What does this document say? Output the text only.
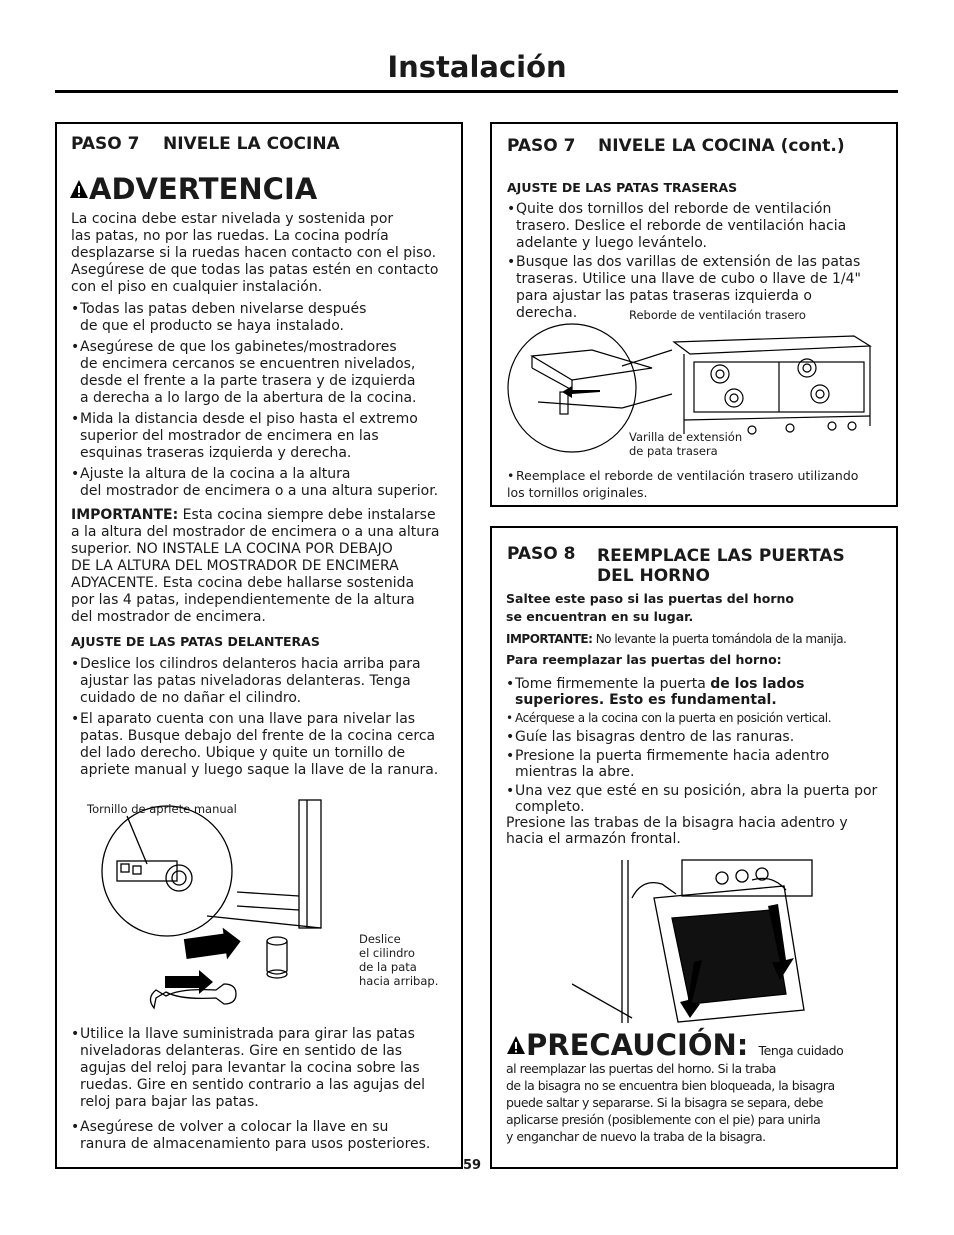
Instalación
PASO 7 NIVELE LA COCINA
ADVERTENCIA
La cocina debe estar nivelada y sostenida por
las patas, no por las ruedas. La cocina podría
desplazarse si la ruedas hacen contacto con el piso.
Asegúrese de que todas las patas estén en contacto
con el piso en cualquier instalación.
• Todas las patas deben nivelarse después
de que el producto se haya instalado.
• Asegúrese de que los gabinetes/mostradores
de encimera cercanos se encuentren nivelados,
desde el frente a la parte trasera y de izquierda
a derecha a lo largo de la abertura de la cocina.
• Mida la distancia desde el piso hasta el extremo
superior del mostrador de encimera en las
esquinas traseras izquierda y derecha.
• Ajuste la altura de la cocina a la altura
del mostrador de encimera o a una altura superior.
IMPORTANTE: Esta cocina siempre debe instalarse
a la altura del mostrador de encimera o a una altura
superior. NO INSTALE LA COCINA POR DEBAJO
DE LA ALTURA DEL MOSTRADOR DE ENCIMERA
ADYACENTE. Esta cocina debe hallarse sostenida
por las 4 patas, independientemente de la altura
del mostrador de encimera.
AJUSTE DE LAS PATAS DELANTERAS
• Deslice los cilindros delanteros hacia arriba para
ajustar las patas niveladoras delanteras. Tenga
cuidado de no dañar el cilindro.
• El aparato cuenta con una llave para nivelar las
patas. Busque debajo del frente de la cocina cerca
del lado derecho. Ubique y quite un tornillo de
apriete manual y luego saque la llave de la ranura.
Tornillo de apriete manual
Deslice
el cilindro
de la pata
hacia arribap.
• Utilice la llave suministrada para girar las patas
niveladoras delanteras. Gire en sentido de las
agujas del reloj para levantar la cocina sobre las
ruedas. Gire en sentido contrario a las agujas del
reloj para bajar las patas.
• Asegúrese de volver a colocar la llave en su
ranura de almacenamiento para usos posteriores.
PASO 7 NIVELE LA COCINA (cont.)
AJUSTE DE LAS PATAS TRASERAS
• Quite dos tornillos del reborde de ventilación
trasero. Deslice el reborde de ventilación hacia
adelante y luego levántelo.
• Busque las dos varillas de extensión de las patas
traseras. Utilice una llave de cubo o llave de 1/4"
para ajustar las patas traseras izquierda o
derecha.	Reborde de ventilación trasero
Varilla de extensión
de pata trasera
• Reemplace el reborde de ventilación trasero utilizando
los tornillos originales.
PASO 8 REEMPLACE LAS PUERTAS
DEL HORNO
Saltee este paso si las puertas del horno
se encuentran en su lugar.
IMPORTANTE: No levante la puerta tomándola de la manija.
Para reemplazar las puertas del horno:
• Tome firmemente la puerta de los lados
superiores. Esto es fundamental.
• Acérquese a la cocina con la puerta en posición vertical.
• Guíe las bisagras dentro de las ranuras.
• Presione la puerta firmemente hacia adentro
mientras la abre.
• Una vez que esté en su posición, abra la puerta por
completo.
Presione las trabas de la bisagra hacia adentro y
hacia el armazón frontal.
PRECAUCIÓN: Tenga cuidado
al reemplazar las puertas del horno. Si la traba
de la bisagra no se encuentra bien bloqueada, la bisagra
puede saltar y separarse. Si la bisagra se separa, debe
aplicarse presión (posiblemente con el pie) para unirla
y enganchar de nuevo la traba de la bisagra.
59
